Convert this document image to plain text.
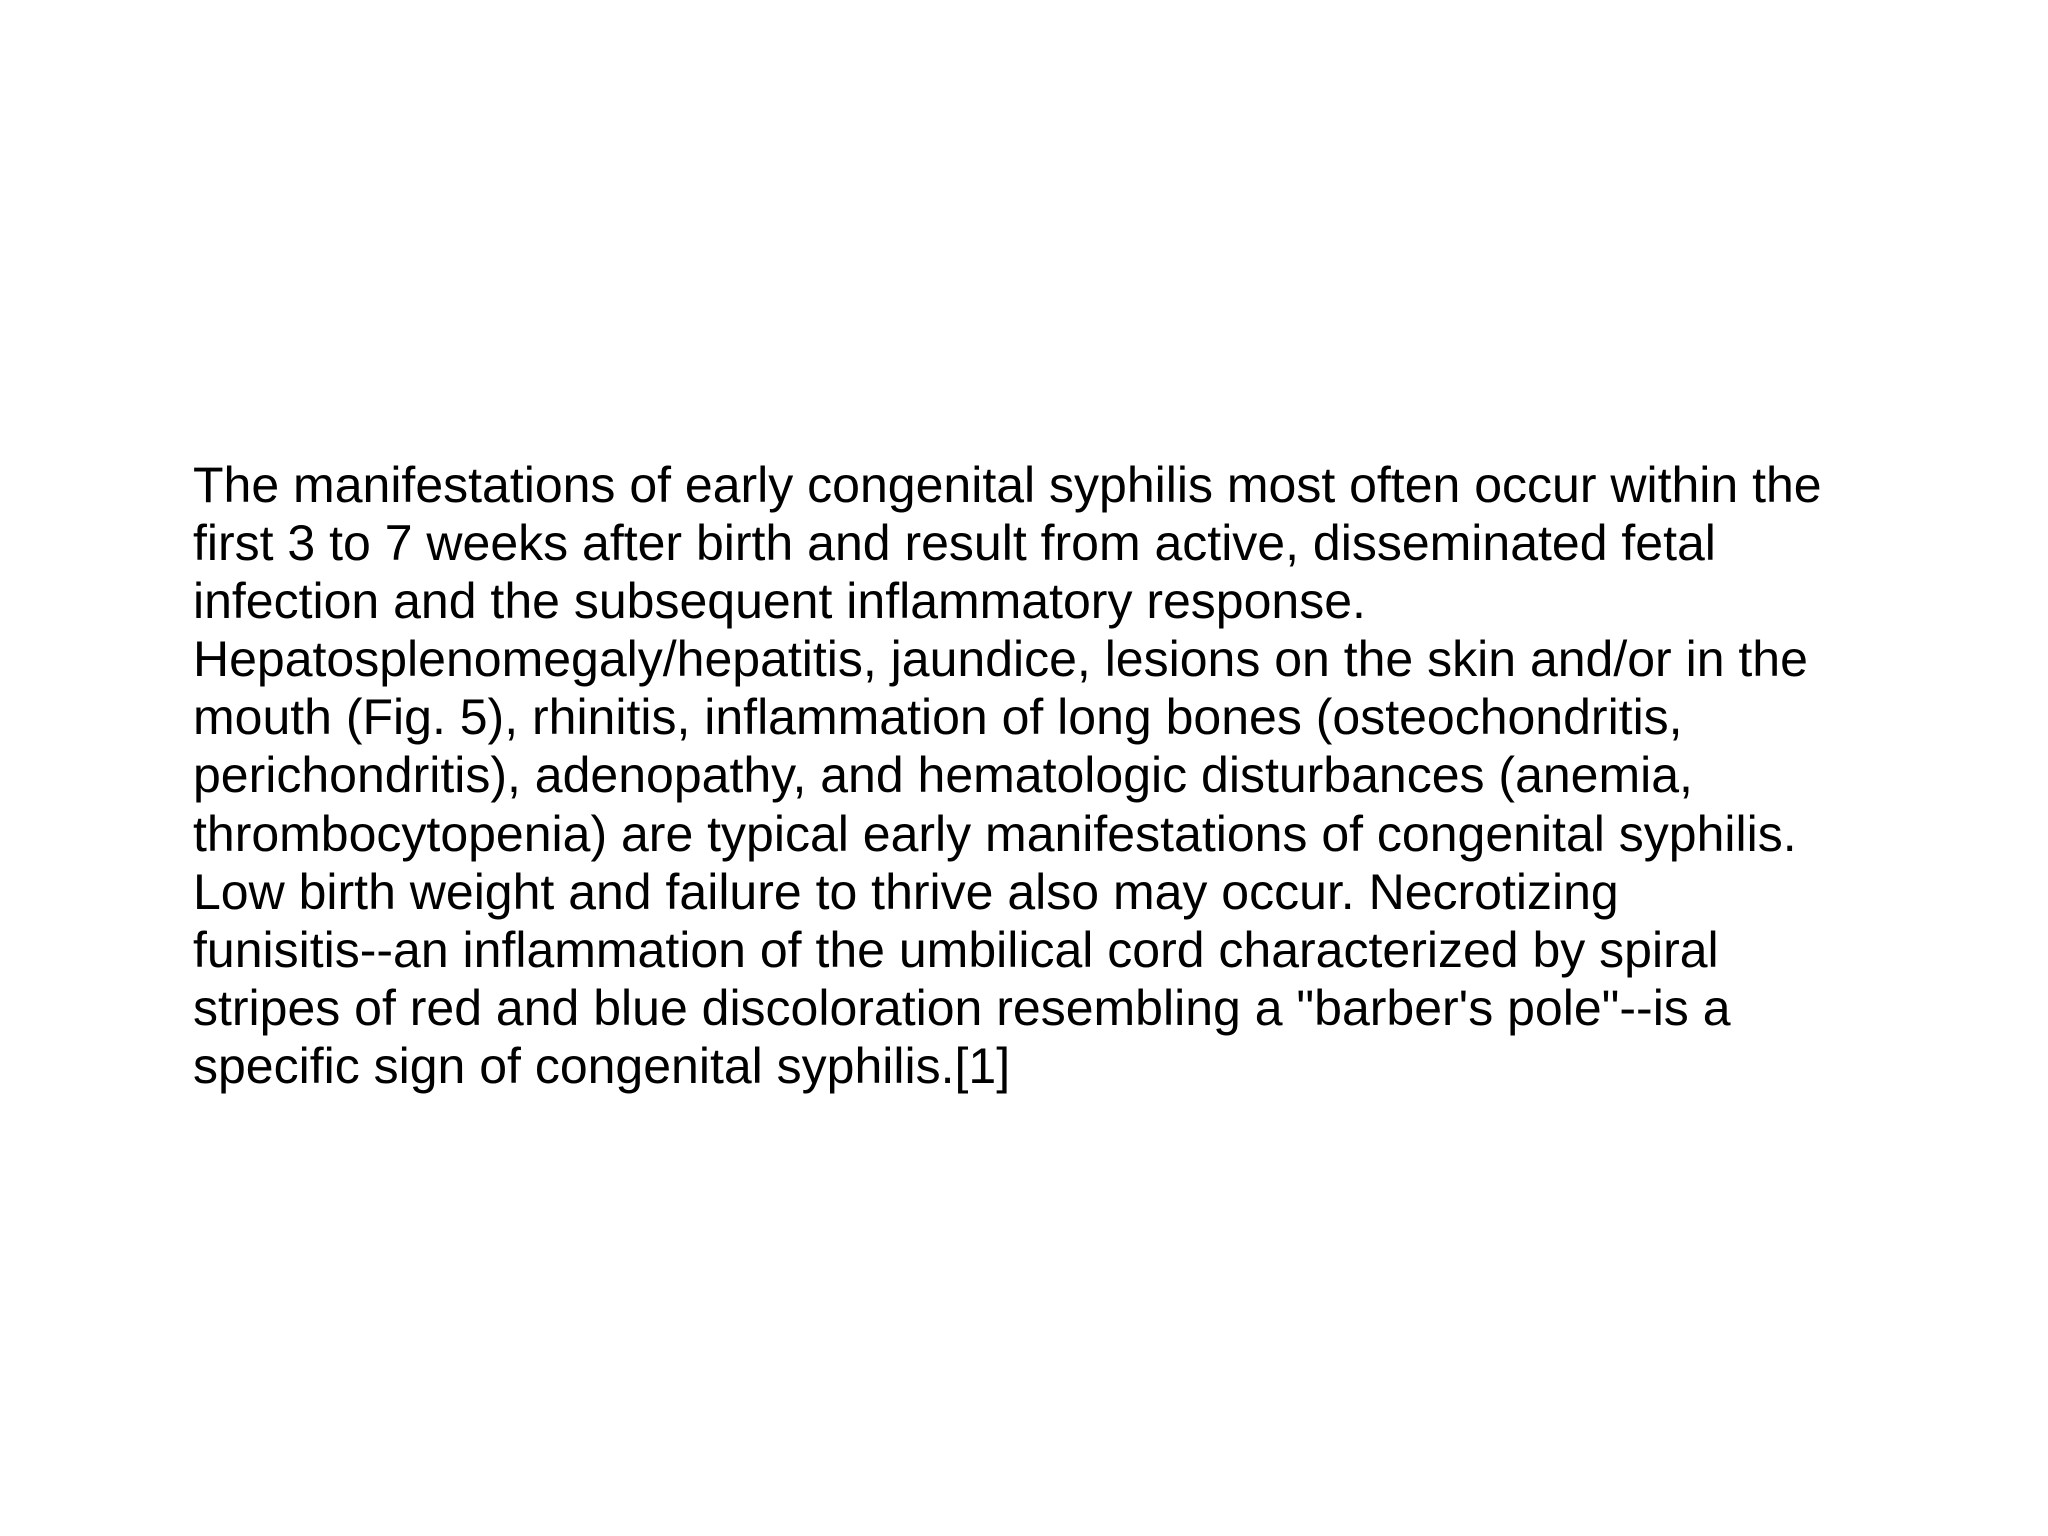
The manifestations of early congenital syphilis most often occur within the
first 3 to 7 weeks after birth and result from active, disseminated fetal
infection and the subsequent inflammatory response.
Hepatosplenomegaly/hepatitis, jaundice, lesions on the skin and/or in the
mouth (Fig. 5), rhinitis, inflammation of long bones (osteochondritis,
perichondritis), adenopathy, and hematologic disturbances (anemia,
thrombocytopenia) are typical early manifestations of congenital syphilis.
Low birth weight and failure to thrive also may occur. Necrotizing
funisitis--an inflammation of the umbilical cord characterized by spiral
stripes of red and blue discoloration resembling a "barber's pole"--is a
specific sign of congenital syphilis.[1]
